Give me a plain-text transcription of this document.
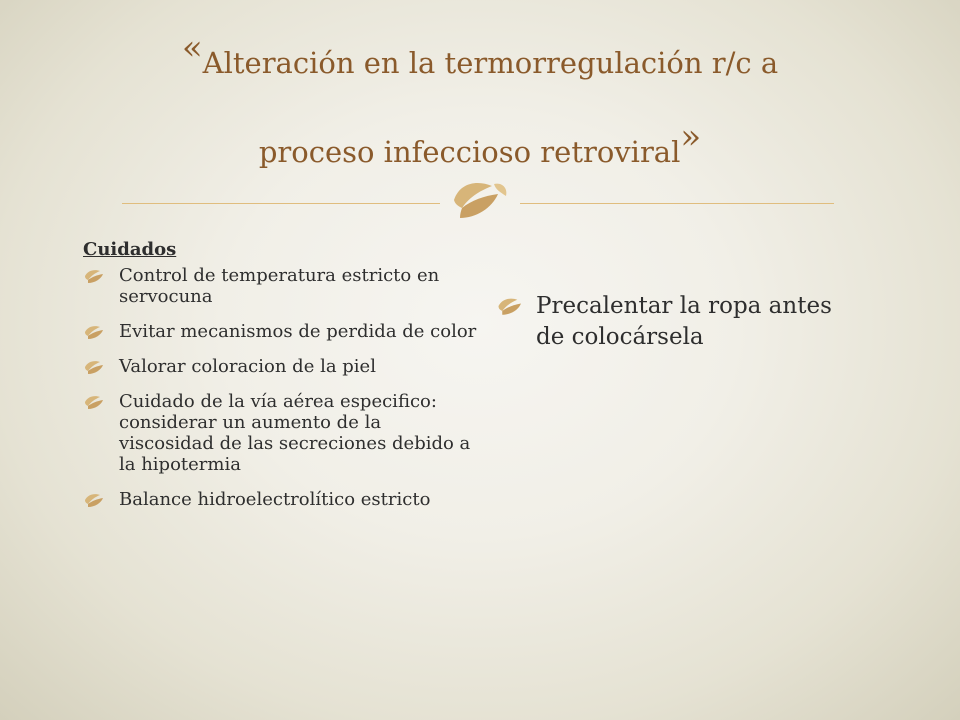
«Alteración en la termorregulación r/c a
proceso infeccioso retroviral»
Cuidados
Control de temperatura estricto en servocuna
Evitar mecanismos de perdida de color
Valorar coloracion de la piel
Cuidado de la vía aérea especifico: considerar un aumento de la viscosidad de las secreciones debido a la hipotermia
Balance hidroelectrolítico estricto
Precalentar la ropa antes de colocársela
